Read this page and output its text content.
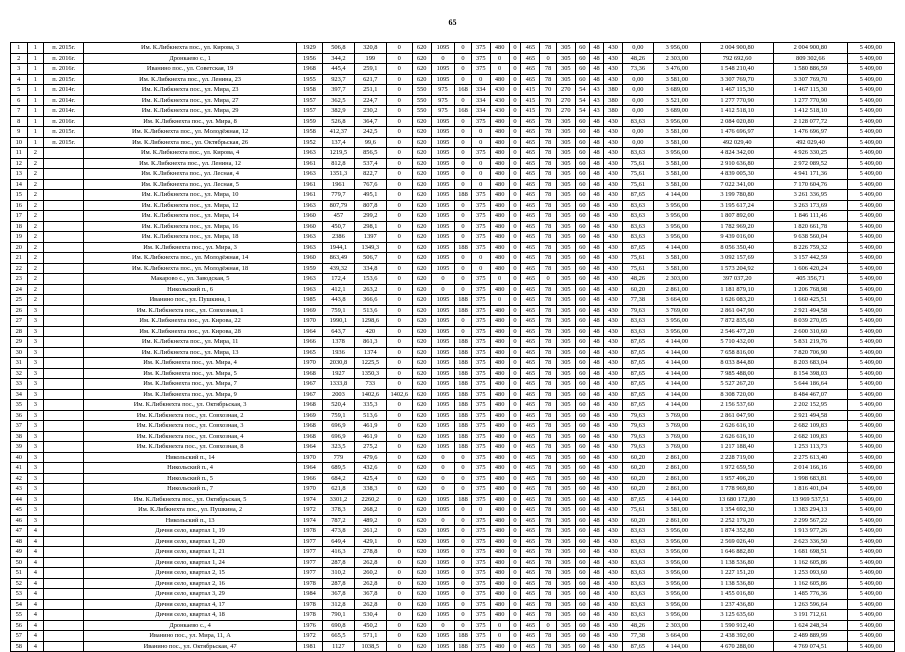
65
1	1	п. 2015г.	Им. К.Либкнехта пос., ул. Кирова, 3	1929	506,8	320,8	0	620	1095	0	375	480	0	465	78	305	60	48	430	0,00	3 956,00	2 004 900,80	2 004 900,80	5 409,00
2	1	п. 2016г.	Дронкаево с., 1	1956	344,2	199	0	620	0	0	375	0	0	465	0	305	60	48	430	48,26	2 303,00	792 692,60	809 302,66	5 409,00
3	1	п. 2016г.	Иванино пос., ул. Советская, 19	1968	445,4	259,1	0	620	1095	0	375	0	0	465	78	305	60	48	430	73,36	3 476,00	1 548 210,40	1 580 886,59	5 409,00
4	1	п. 2015г.	Им. К.Либкнехта пос., ул. Ленина, 23	1955	923,7	621,7	0	620	1095	0	0	480	0	465	78	305	60	48	430	0,00	3 581,00	3 307 769,70	3 307 769,70	5 409,00
5	1	п. 2014г.	Им. К.Либкнехта пос., ул. Мира, 23	1958	397,7	251,1	0	550	975	168	334	430	0	415	70	270	54	43	380	0,00	3 689,00	1 467 115,30	1 467 115,30	5 409,00
6	1	п. 2014г.	Им. К.Либкнехта пос., ул. Мира, 27	1957	362,5	224,7	0	550	975	0	334	430	0	415	70	270	54	43	380	0,00	3 521,00	1 277 770,90	1 277 770,90	5 409,00
7	1	п. 2014г.	Им. К.Либкнехта пос., ул. Мира, 29	1957	382,9	230,2	0	550	975	168	334	430	0	415	70	270	54	43	380	0,00	3 689,00	1 412 518,10	1 412 518,10	5 409,00
8	1	п. 2016г.	Им. К.Либкнехта пос., ул. Мира, 8	1959	526,8	364,7	0	620	1095	0	375	480	0	465	78	305	60	48	430	83,63	3 956,00	2 084 020,80	2 128 077,72	5 409,00
9	1	п. 2015г.	Им. К.Либкнехта пос., ул. Молодёжная, 12	1958	412,37	242,5	0	620	1095	0	0	480	0	465	78	305	60	48	430	0,00	3 581,00	1 476 696,97	1 476 696,97	5 409,00
10	1	п. 2015г.	Им. К.Либкнехта пос., ул. Октябрьская, 26	1952	137,4	99,6	0	620	1095	0	0	480	0	465	78	305	60	48	430	0,00	3 581,00	492 029,40	492 029,40	5 409,00
11	2		Им. К.Либкнехта пос., ул. Кирова, 4	1963	1219,5	856,5	0	620	1095	0	375	480	0	465	78	305	60	48	430	83,63	3 956,00	4 824 342,00	4 926 330,25	5 409,00
12	2		Им. К.Либкнехта пос., ул. Ленина, 12	1961	812,8	537,4	0	620	1095	0	0	480	0	465	78	305	60	48	430	75,61	3 581,00	2 910 636,80	2 972 089,52	5 409,00
13	2		Им. К.Либкнехта пос., ул. Лесная, 4	1963	1351,3	822,7	0	620	1095	0	0	480	0	465	78	305	60	48	430	75,61	3 581,00	4 839 005,30	4 941 171,36	5 409,00
14	2		Им. К.Либкнехта пос., ул. Лесная, 5	1961	1961	767,6	0	620	1095	0	0	480	0	465	78	305	60	48	430	75,61	3 581,00	7 022 341,00	7 170 604,76	5 409,00
15	2		Им. К.Либкнехта пос., ул. Мира, 10	1961	779,7	495,1	0	620	1095	188	375	480	0	465	78	305	60	48	430	87,65	4 144,00	3 199 780,80	3 261 336,95	5 409,00
16	2		Им. К.Либкнехта пос., ул. Мира, 12	1963	807,79	807,8	0	620	1095	0	375	480	0	465	78	305	60	48	430	83,63	3 956,00	3 195 617,24	3 263 173,69	5 409,00
17	2		Им. К.Либкнехта пос., ул. Мира, 14	1960	457	299,2	0	620	1095	0	375	480	0	465	78	305	60	48	430	83,63	3 956,00	1 807 892,00	1 846 111,46	5 409,00
18	2		Им. К.Либкнехта пос., ул. Мира, 16	1960	450,7	298,1	0	620	1095	0	375	480	0	465	78	305	60	48	430	83,63	3 956,00	1 782 969,20	1 820 661,78	5 409,00
19	2		Им. К.Либкнехта пос., ул. Мира, 18	1963	2386	1397	0	620	1095	0	375	480	0	465	78	305	60	48	430	83,63	3 956,00	9 439 016,00	9 638 560,04	5 409,00
20	2		Им. К.Либкнехта пос., ул. Мира, 3	1963	1944,1	1349,3	0	620	1095	188	375	480	0	465	78	305	60	48	430	87,65	4 144,00	8 056 350,40	8 226 759,32	5 409,00
21	2		Им. К.Либкнехта пос., ул. Молодёжная, 14	1960	863,49	506,7	0	620	1095	0	0	480	0	465	78	305	60	48	430	75,61	3 581,00	3 092 157,69	3 157 442,59	5 409,00
22	2		Им. К.Либкнехта пос., ул. Молодёжная, 18	1959	439,32	334,8	0	620	1095	0	0	480	0	465	78	305	60	48	430	75,61	3 581,00	1 573 204,92	1 606 420,24	5 409,00
23	2		Макарово с., ул. Заводская, 5	1963	172,4	153,6	0	620	0	0	375	0	0	465	0	305	60	48	430	48,26	2 303,00	397 037,20	405 356,71	5 409,00
24	2		Никольский п., 6	1963	412,1	263,2	0	620	0	0	375	480	0	465	78	305	60	48	430	60,20	2 861,00	1 181 879,10	1 206 768,98	5 409,00
25	2		Иванино пос., ул. Пушкина, 1	1985	443,8	366,6	0	620	1095	188	375	0	0	465	78	305	60	48	430	77,38	3 664,00	1 626 083,20	1 660 425,51	5 409,00
26	3		Им. К.Либкнехта пос., ул. Совхозная, 1	1969	759,1	513,6	0	620	1095	188	375	480	0	465	78	305	60	48	430	79,63	3 769,00	2 861 047,90	2 921 494,58	5 409,00
27	3		Им. К.Либкнехта пос., ул. Кирова, 22	1970	1990,1	1298,6	0	620	1095	0	375	480	0	465	78	305	60	48	430	83,63	3 956,00	7 872 835,60	8 039 270,05	5 409,00
28	3		Им. К.Либкнехта пос., ул. Кирова, 28	1964	643,7	420	0	620	1095	0	375	480	0	465	78	305	60	48	430	83,63	3 956,00	2 546 477,20	2 600 310,60	5 409,00
29	3		Им. К.Либкнехта пос., ул. Мира, 11	1966	1378	861,3	0	620	1095	188	375	480	0	465	78	305	60	48	430	87,65	4 144,00	5 710 432,00	5 831 219,76	5 409,00
30	3		Им. К.Либкнехта пос., ул. Мира, 13	1965	1936	1374	0	620	1095	188	375	480	0	465	78	305	60	48	430	87,65	4 144,00	7 658 816,00	7 820 706,90	5 409,00
31	3		Им. К.Либкнехта пос., ул. Мира, 4	1970	2030,8	1225,5	0	620	1095	188	375	480	0	465	78	305	60	48	430	87,65	4 144,00	8 033 844,80	8 203 683,04	5 409,00
32	3		Им. К.Либкнехта пос., ул. Мира, 5	1968	1927	1350,3	0	620	1095	188	375	480	0	465	78	305	60	48	430	87,65	4 144,00	7 985 488,00	8 154 398,03	5 409,00
33	3		Им. К.Либкнехта пос., ул. Мира, 7	1967	1333,8	733	0	620	1095	188	375	480	0	465	78	305	60	48	430	87,65	4 144,00	5 527 267,20	5 644 186,64	5 409,00
34	3		Им. К.Либкнехта пос., ул. Мира, 9	1967	2003	1402,6	1402,6	620	1095	188	375	480	0	465	78	305	60	48	430	87,65	4 144,00	8 308 720,00	8 484 467,07	5 409,00
35	3		Им. К.Либкнехта пос., ул. Октябрьская, 3	1968	520,4	335,3	0	620	1095	188	375	480	0	465	78	305	60	48	430	87,65	4 144,00	2 156 537,60	2 202 152,95	5 409,00
36	3		Им. К.Либкнехта пос., ул. Совхозная, 2	1969	759,1	513,6	0	620	1095	188	375	480	0	465	78	305	60	48	430	79,63	3 769,00	2 861 047,90	2 921 494,58	5 409,00
37	3		Им. К.Либкнехта пос., ул. Совхозная, 3	1968	696,9	461,9	0	620	1095	188	375	480	0	465	78	305	60	48	430	79,63	3 769,00	2 626 616,10	2 682 109,83	5 409,00
38	3		Им. К.Либкнехта пос., ул. Совхозная, 4	1968	696,9	461,9	0	620	1095	188	375	480	0	465	78	305	60	48	430	79,63	3 769,00	2 626 616,10	2 682 109,83	5 409,00
39	3		Им. К.Либкнехта пос., ул. Совхозная, 8	1964	323,5	275,2	0	620	1095	188	375	480	0	465	78	305	60	48	430	79,63	3 769,00	1 217 188,40	1 253 113,73	5 409,00
40	3		Никольский п., 14	1970	779	479,6	0	620	0	0	375	480	0	465	78	305	60	48	430	60,20	2 861,00	2 228 719,00	2 275 613,40	5 409,00
41	3		Никольский п., 4	1964	689,5	432,6	0	620	0	0	375	480	0	465	78	305	60	48	430	60,20	2 861,00	1 972 659,50	2 014 166,16	5 409,00
42	3		Никольский п., 5	1966	684,2	425,4	0	620	0	0	375	480	0	465	78	305	60	48	430	60,20	2 861,00	1 957 496,20	1 998 683,81	5 409,00
43	3		Никольский п., 7	1970	621,8	338,3	0	620	0	0	375	480	0	465	78	305	60	48	430	60,20	2 861,00	1 778 969,80	1 816 401,04	5 409,00
44	3		Им. К.Либкнехта пос., ул. Октябрьская, 5	1974	3301,2	2260,2	0	620	1095	188	375	480	0	465	78	305	60	48	430	87,65	4 144,00	13 680 172,80	13 969 537,51	5 409,00
45	3		Им. К.Либкнехта пос., ул. Пушкина, 2	1972	378,3	268,2	0	620	1095	0	0	480	0	465	78	305	60	48	430	75,61	3 581,00	1 354 692,30	1 383 294,13	5 409,00
46	3		Никольский п., 13	1974	787,2	489,2	0	620	0	0	375	480	0	465	78	305	60	48	430	60,20	2 861,00	2 252 179,20	2 299 567,22	5 409,00
47	4		Дичня село, квартал 1, 19	1978	473,8	261,2	0	620	1095	0	375	480	0	465	78	305	60	48	430	83,63	3 956,00	1 874 352,80	1 913 977,26	5 409,00
48	4		Дичня село, квартал 1, 20	1977	649,4	429,1	0	620	1095	0	375	480	0	465	78	305	60	48	430	83,63	3 956,00	2 569 026,40	2 623 336,50	5 409,00
49	4		Дичня село, квартал 1, 21	1977	416,3	278,8	0	620	1095	0	375	480	0	465	78	305	60	48	430	83,63	3 956,00	1 646 882,80	1 681 698,51	5 409,00
50	4		Дичня село, квартал 1, 24	1977	287,8	262,8	0	620	1095	0	375	480	0	465	78	305	60	48	430	83,63	3 956,00	1 138 536,80	1 162 605,86	5 409,00
51	4		Дичня село, квартал 2, 15	1977	310,2	260,2	0	620	1095	0	375	480	0	465	78	305	60	48	430	83,63	3 956,00	1 227 151,20	1 253 093,60	5 409,00
52	4		Дичня село, квартал 2, 16	1978	287,8	262,8	0	620	1095	0	375	480	0	465	78	305	60	48	430	83,63	3 956,00	1 138 536,80	1 162 605,86	5 409,00
53	4		Дичня село, квартал 3, 29	1984	367,8	367,8	0	620	1095	0	375	480	0	465	78	305	60	48	430	83,63	3 956,00	1 455 016,80	1 485 776,36	5 409,00
54	4		Дичня село, квартал 4, 17	1978	312,8	262,8	0	620	1095	0	375	480	0	465	78	305	60	48	430	83,63	3 956,00	1 237 436,80	1 263 596,64	5 409,00
55	4		Дичня село, квартал 4, 18	1978	790,1	530,4	0	620	1095	0	375	480	0	465	78	305	60	48	430	83,63	3 956,00	3 125 635,60	3 191 712,61	5 409,00
56	4		Дронкаево с., 4	1976	690,8	450,2	0	620	0	0	375	0	0	465	0	305	60	48	430	48,26	2 303,00	1 590 912,40	1 624 248,34	5 409,00
57	4		Иванино пос., ул. Мира, 11, А	1972	665,5	571,1	0	620	1095	188	375	0	0	465	78	305	60	48	430	77,38	3 664,00	2 438 392,00	2 489 889,99	5 409,00
58	4		Иванино пос., ул. Октябрьская, 47	1981	1127	1038,5	0	620	1095	188	375	480	0	465	78	305	60	48	430	87,65	4 144,00	4 670 288,00	4 769 074,51	5 409,00
